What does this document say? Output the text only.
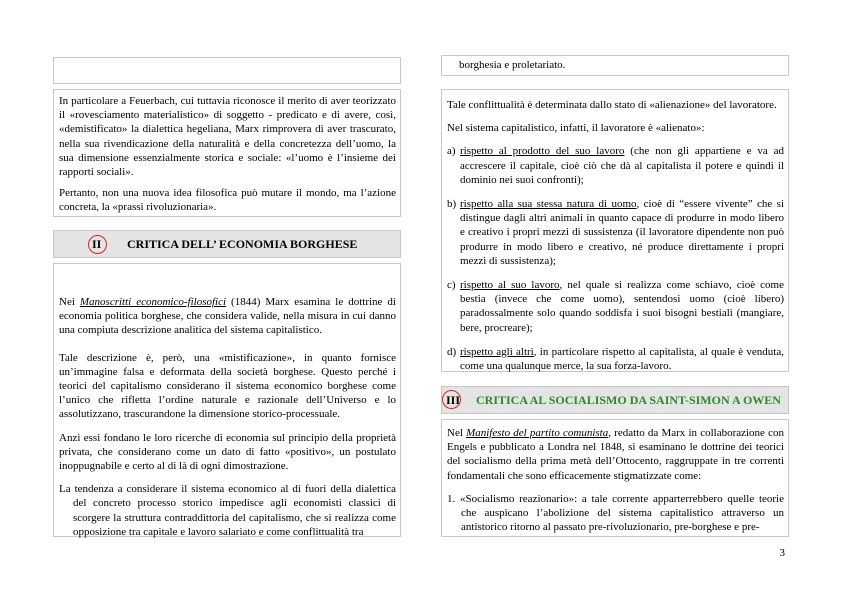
In particolare a Feuerbach, cui tuttavia riconosce il merito di aver teorizzato il «rovesciamento materialistico» di soggetto - predicato e di avere, così, «demistificato» la dialettica hegeliana, Marx rimprovera di aver trascurato, nella sua rivendicazione della naturalità e della concretezza dell’uomo, la sua dimensione essenzialmente storica e sociale: «l’uomo è l’insieme dei rapporti sociali».

Pertanto, non una nuova idea filosofica può mutare il mondo, ma l’azione concreta, la «prassi rivoluzionaria».

II CRITICA DELL’ ECONOMIA BORGHESE

Nei Manoscritti economico-filosofici (1844) Marx esamina le dottrine di economia politica borghese, che considera valide, nella misura in cui danno una compiuta descrizione analitica del sistema capitalistico.

Tale descrizione è, però, una «mistificazione», in quanto fornisce un’immagine falsa e deformata della società borghese. Questo perché i teorici del capitalismo considerano il sistema economico borghese come l’unico che rifletta l’ordine naturale e razionale dell’Universo e lo assolutizzano, trascurandone la dimensione storico-processuale.

Anzi essi fondano le loro ricerche di economia sul principio della proprietà privata, che considerano come un dato di fatto «positivo», un postulato inoppugnabile e certo al di là di ogni dimostrazione.

La tendenza a considerare il sistema economico al di fuori della dialettica del concreto processo storico impedisce agli economisti classici di scorgere la struttura contraddittoria del capitalismo, che si realizza come opposizione tra capitale e lavoro salariato e come conflittualità tra

borghesia e proletariato.

Tale conflittualità è determinata dallo stato di «alienazione» del lavoratore.

Nel sistema capitalistico, infatti, il lavoratore è «alienato»:

a) rispetto al prodotto del suo lavoro (che non gli appartiene e va ad accrescere il capitale, cioè ciò che dà al capitalista il potere e quindi il dominio nei suoi confronti);
b) rispetto alla sua stessa natura di uomo, cioè di “essere vivente” che si distingue dagli altri animali in quanto capace di produrre in modo libero e creativo i propri mezzi di sussistenza (il lavoratore dipendente non può produrre in modo libero e creativo, né produce direttamente i propri mezzi di sussistenza);
c) rispetto al suo lavoro, nel quale si realizza come schiavo, cioè come bestia (invece che come uomo), sentendosi uomo (cioè libero) paradossalmente solo quando soddisfa i suoi bisogni bestiali (mangiare, bere, procreare);
d) rispetto agli altri, in particolare rispetto al capitalista, al quale è venduta, come una qualunque merce, la sua forza-lavoro.
III CRITICA AL SOCIALISMO DA SAINT-SIMON A OWEN

Nel Manifesto del partito comunista, redatto da Marx in collaborazione con Engels e pubblicato a Londra nel 1848, si esaminano le dottrine dei teorici del socialismo della prima metà dell’Ottocento, raggruppate in tre correnti fondamentali che sono efficacemente stigmatizzate come:

1. «Socialismo reazionario»: a tale corrente apparterrebbero quelle teorie che auspicano l’abolizione del sistema capitalistico attraverso un antistorico ritorno al passato pre-rivoluzionario, pre-borghese e pre-

3
